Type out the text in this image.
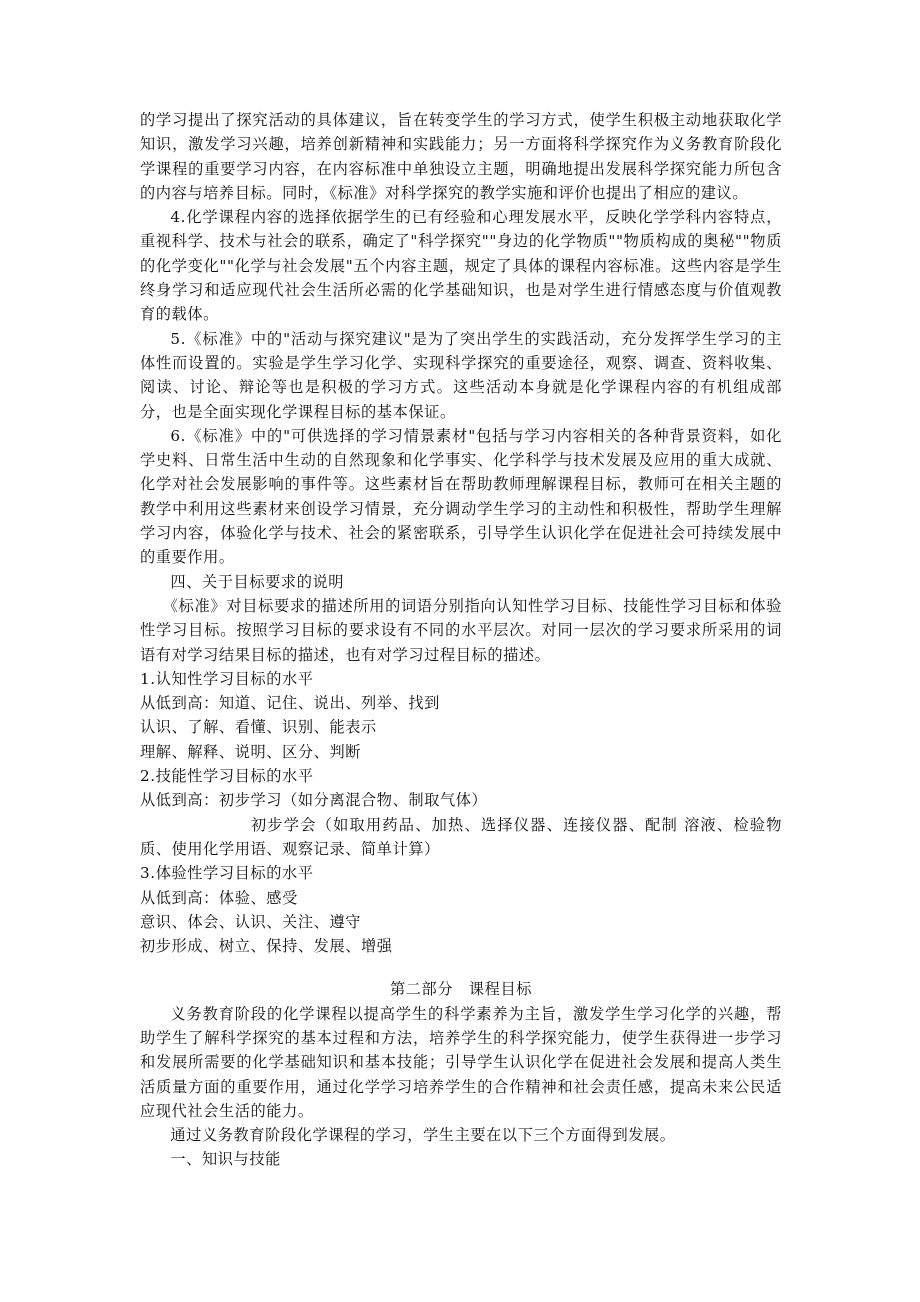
的学习提出了探究活动的具体建议，旨在转变学生的学习方式，使学生积极主动地获取化学知识，激发学习兴趣，培养创新精神和实践能力；另一方面将科学探究作为义务教育阶段化学课程的重要学习内容，在内容标准中单独设立主题，明确地提出发展科学探究能力所包含的内容与培养目标。同时，《标准》对科学探究的教学实施和评价也提出了相应的建议。

4.化学课程内容的选择依据学生的已有经验和心理发展水平，反映化学学科内容特点，重视科学、技术与社会的联系，确定了"科学探究""身边的化学物质""物质构成的奥秘""物质的化学变化""化学与社会发展"五个内容主题，规定了具体的课程内容标准。这些内容是学生终身学习和适应现代社会生活所必需的化学基础知识，也是对学生进行情感态度与价值观教育的载体。

5.《标准》中的"活动与探究建议"是为了突出学生的实践活动，充分发挥学生学习的主体性而设置的。实验是学生学习化学、实现科学探究的重要途径，观察、调查、资料收集、阅读、讨论、辩论等也是积极的学习方式。这些活动本身就是化学课程内容的有机组成部分，也是全面实现化学课程目标的基本保证。

6.《标准》中的"可供选择的学习情景素材"包括与学习内容相关的各种背景资料，如化学史料、日常生活中生动的自然现象和化学事实、化学科学与技术发展及应用的重大成就、化学对社会发展影响的事件等。这些素材旨在帮助教师理解课程目标，教师可在相关主题的教学中利用这些素材来创设学习情景，充分调动学生学习的主动性和积极性，帮助学生理解学习内容，体验化学与技术、社会的紧密联系，引导学生认识化学在促进社会可持续发展中的重要作用。

四、关于目标要求的说明

《标准》对目标要求的描述所用的词语分别指向认知性学习目标、技能性学习目标和体验性学习目标。按照学习目标的要求设有不同的水平层次。对同一层次的学习要求所采用的词语有对学习结果目标的描述，也有对学习过程目标的描述。

1.认知性学习目标的水平

从低到高：知道、记住、说出、列举、找到

认识、了解、看懂、识别、能表示

理解、解释、说明、区分、判断

2.技能性学习目标的水平

从低到高：初步学习（如分离混合物、制取气体）

初步学会（如取用药品、加热、选择仪器、连接仪器、配制 溶液、检验物质、使用化学用语、观察记录、简单计算）

3.体验性学习目标的水平

从低到高：体验、感受

意识、体会、认识、关注、遵守

初步形成、树立、保持、发展、增强

第二部分　课程目标

义务教育阶段的化学课程以提高学生的科学素养为主旨，激发学生学习化学的兴趣，帮助学生了解科学探究的基本过程和方法，培养学生的科学探究能力，使学生获得进一步学习和发展所需要的化学基础知识和基本技能；引导学生认识化学在促进社会发展和提高人类生活质量方面的重要作用，通过化学学习培养学生的合作精神和社会责任感，提高未来公民适应现代社会生活的能力。

通过义务教育阶段化学课程的学习，学生主要在以下三个方面得到发展。

一、知识与技能
